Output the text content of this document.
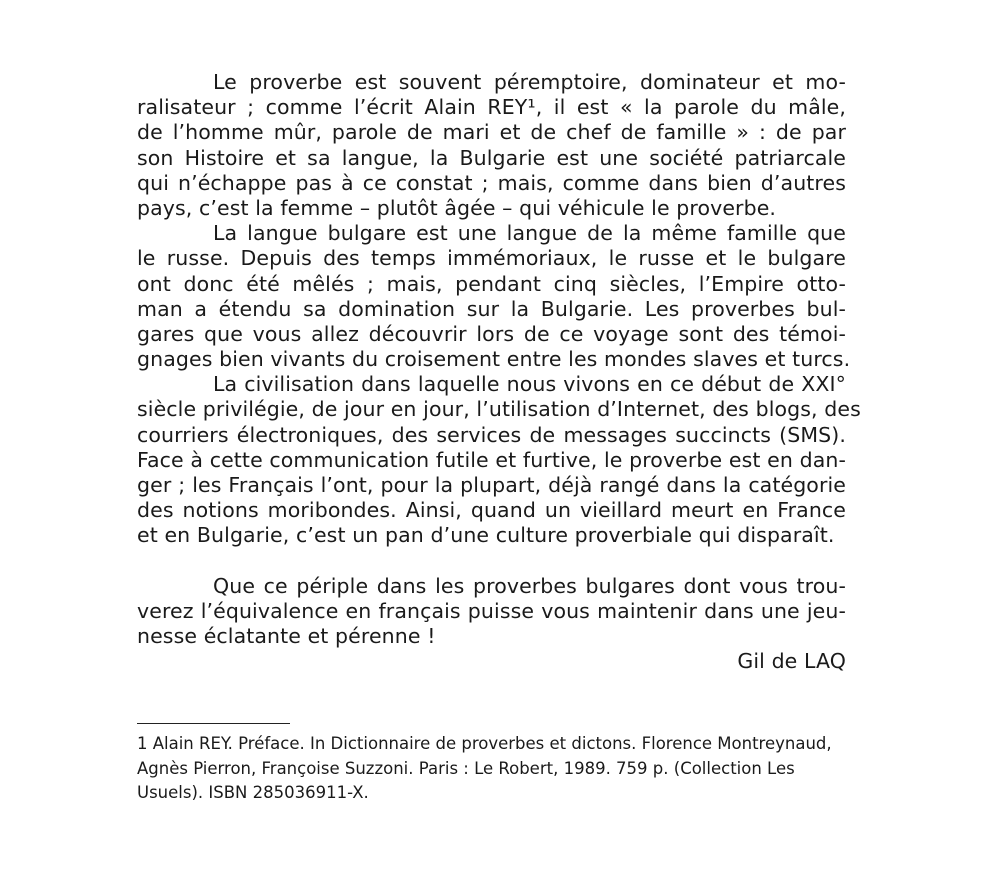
Le proverbe est souvent péremptoire, dominateur et mo-
ralisateur ; comme l’écrit Alain REY¹, il est « la parole du mâle,
de l’homme mûr, parole de mari et de chef de famille » : de par
son Histoire et sa langue, la Bulgarie est une société patriarcale
qui n’échappe pas à ce constat ; mais, comme dans bien d’autres
pays, c’est la femme – plutôt âgée – qui véhicule le proverbe.
La langue bulgare est une langue de la même famille que
le russe. Depuis des temps immémoriaux, le russe et le bulgare
ont donc été mêlés ; mais, pendant cinq siècles, l’Empire otto-
man a étendu sa domination sur la Bulgarie. Les proverbes bul-
gares que vous allez découvrir lors de ce voyage sont des témoi-
gnages bien vivants du croisement entre les mondes slaves et turcs.
La civilisation dans laquelle nous vivons en ce début de XXI°
siècle privilégie, de jour en jour, l’utilisation d’Internet, des blogs, des
courriers électroniques, des services de messages succincts (SMS).
Face à cette communication futile et furtive, le proverbe est en dan-
ger ; les Français l’ont, pour la plupart, déjà rangé dans la catégorie
des notions moribondes. Ainsi, quand un vieillard meurt en France
et en Bulgarie, c’est un pan d’une culture proverbiale qui disparaît.
Que ce périple dans les proverbes bulgares dont vous trou-
verez l’équivalence en français puisse vous maintenir dans une jeu-
nesse éclatante et pérenne !
Gil de LAQ
1 Alain REY. Préface. In Dictionnaire de proverbes et dictons. Florence Montreynaud,
Agnès Pierron, Françoise Suzzoni. Paris : Le Robert, 1989. 759 p. (Collection Les
Usuels). ISBN 285036911-X.
